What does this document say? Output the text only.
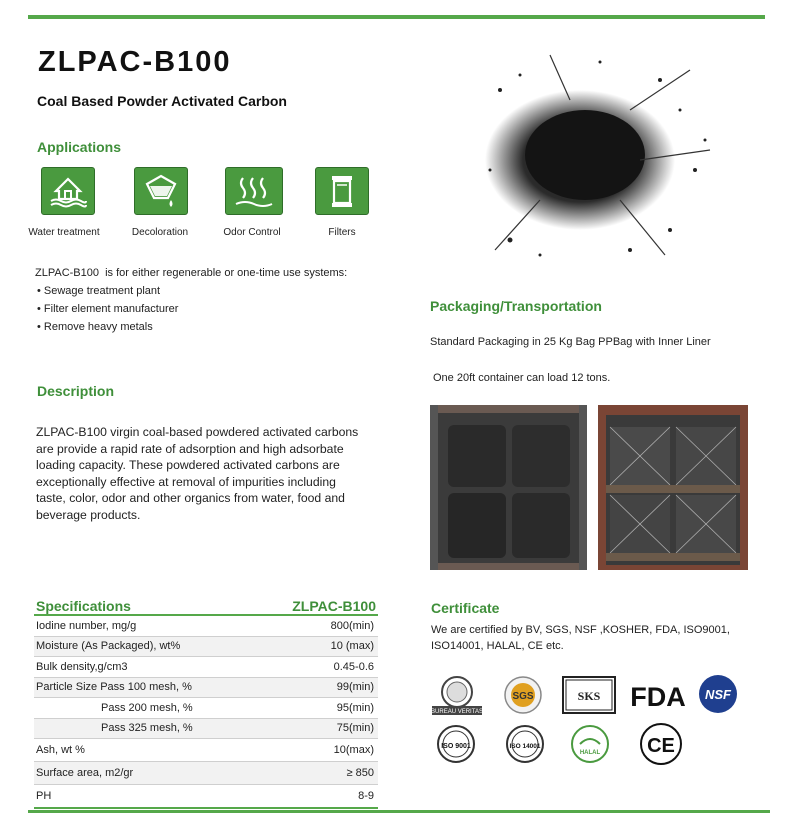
ZLPAC-B100
Coal Based Powder Activated Carbon
Applications
Water treatment	Decoloration	Odor Control	Filters
ZLPAC-B100  is for either regenerable or one-time use systems:
• Sewage treatment plant
• Filter element manufacturer
• Remove heavy metals
Description
ZLPAC-B100 virgin coal-based powdered activated carbons are provide a rapid rate of adsorption and high adsorbate loading capacity. These powdered activated carbons are exceptionally effective at removal of impurities including taste, color, odor and other organics from water, food and beverage products.
Packaging/Transportation
Standard Packaging in 25 Kg Bag PPBag with Inner Liner
One 20ft container can load 12 tons.
Specifications	ZLPAC-B100
Iodine number, mg/g	800(min)
Moisture (As Packaged), wt%	10 (max)
Bulk density,g/cm3	0.45-0.6
Particle Size Pass 100 mesh, %	99(min)
Pass 200 mesh, %	95(min)
Pass 325 mesh, %	75(min)
Ash, wt %	10(max)
Surface area, m2/gr	≥ 850
PH	8-9
Certificate
We are certified by BV, SGS, NSF ,KOSHER, FDA, ISO9001, ISO14001, HALAL, CE etc.
BUREAU VERITAS
SGS	SKS FDA NSF
ISO 9001	ISO 14001
HALAL CE
